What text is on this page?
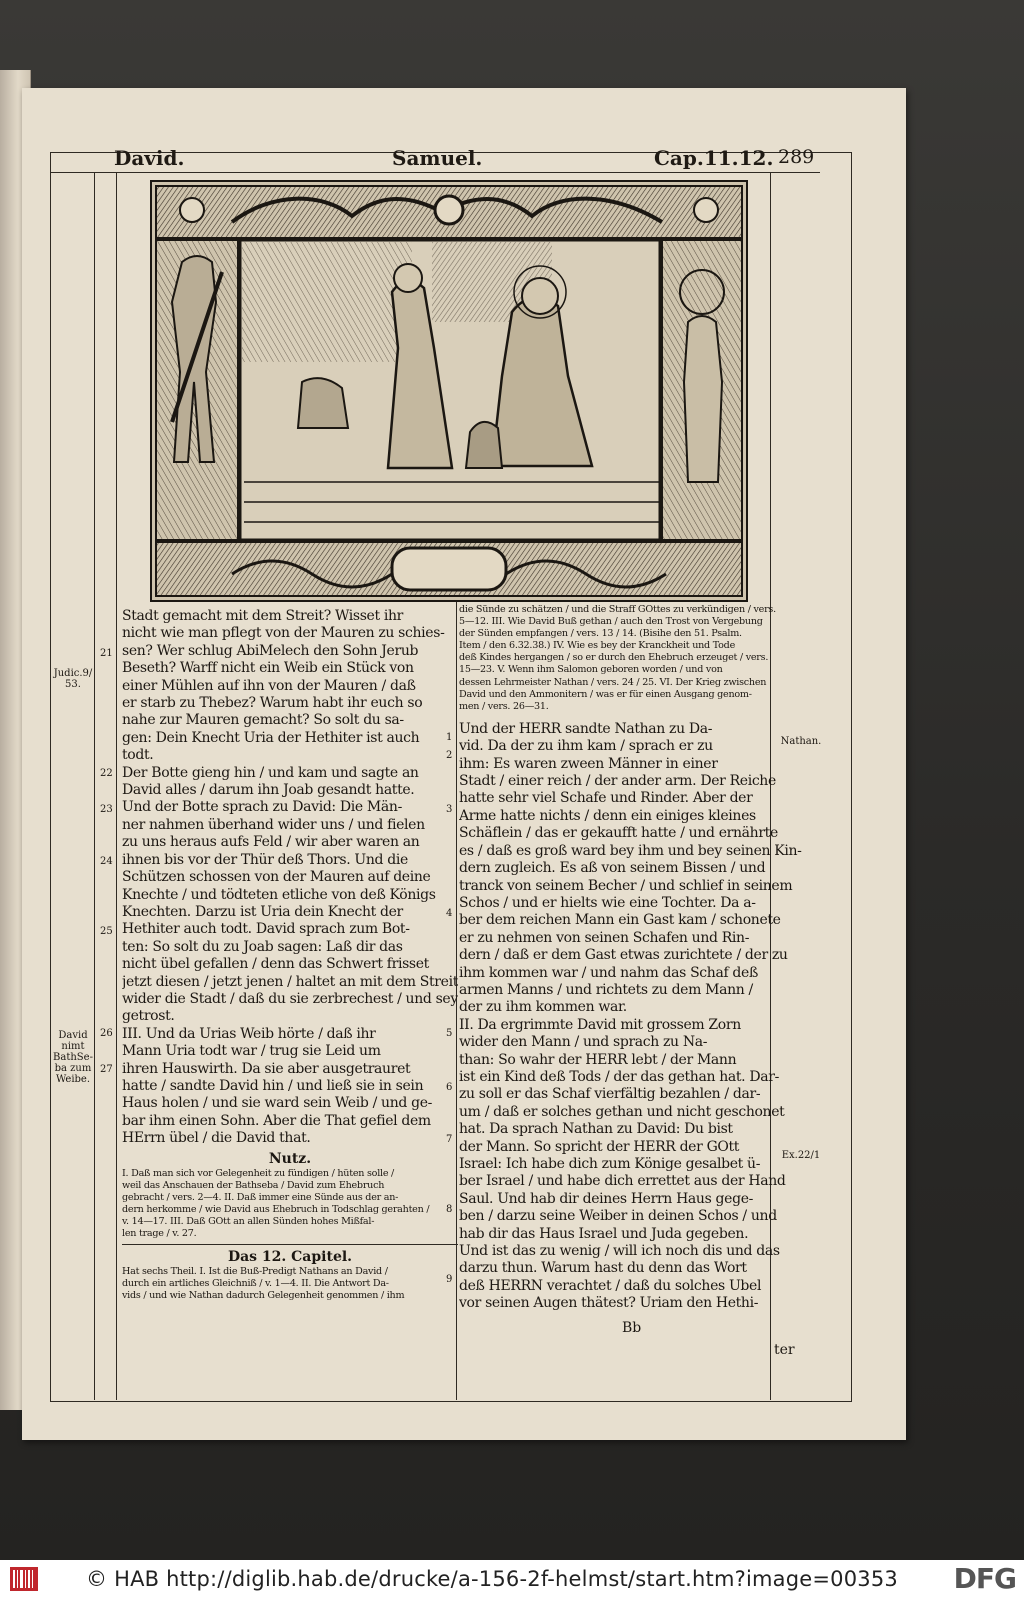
David.	Samuel.	Cap.11.12. 289
Stadt gemacht mit dem Streit? Wisset ihr
nicht wie man pflegt von der Mauren zu schies-
sen? Wer schlug AbiMelech den Sohn Jerub
Beseth? Warff nicht ein Weib ein Stück von
einer Mühlen auf ihn von der Mauren / daß
er starb zu Thebez? Warum habt ihr euch so
nahe zur Mauren gemacht? So solt du sa-
gen: Dein Knecht Uria der Hethiter ist auch
todt.
Der Botte gieng hin / und kam und sagte an
David alles / darum ihn Joab gesandt hatte.
Und der Botte sprach zu David: Die Män-
ner nahmen überhand wider uns / und fielen
zu uns heraus aufs Feld / wir aber waren an
ihnen bis vor der Thür deß Thors. Und die
Schützen schossen von der Mauren auf deine
Knechte / und tödteten etliche von deß Königs
Knechten. Darzu ist Uria dein Knecht der
Hethiter auch todt. David sprach zum Bot-
ten: So solt du zu Joab sagen: Laß dir das
nicht übel gefallen / denn das Schwert frisset
jetzt diesen / jetzt jenen / haltet an mit dem Streit
wider die Stadt / daß du sie zerbrechest / und sey
getrost.
III. Und da Urias Weib hörte / daß ihr
Mann Uria todt war / trug sie Leid um
ihren Hauswirth. Da sie aber ausgetrauret
hatte / sandte David hin / und ließ sie in sein
Haus holen / und sie ward sein Weib / und ge-
bar ihm einen Sohn. Aber die That gefiel dem
HErrn übel / die David that.
Nutz.
I. Daß man sich vor Gelegenheit zu fündigen / hüten solle /
weil das Anschauen der Bathseba / David zum Ehebruch
gebracht / vers. 2—4. II. Daß immer eine Sünde aus der an-
dern herkomme / wie David aus Ehebruch in Todschlag gerahten /
v. 14—17. III. Daß GOtt an allen Sünden hohes Mißfal-
len trage / v. 27.
Das 12. Capitel.
Hat sechs Theil. I. Ist die Buß-Predigt Nathans an David /
durch ein artliches Gleichniß / v. 1—4. II. Die Antwort Da-
vids / und wie Nathan dadurch Gelegenheit genommen / ihm
die Sünde zu schätzen / und die Straff GOttes zu verkündigen / vers.
5—12. III. Wie David Buß gethan / auch den Trost von Vergebung
der Sünden empfangen / vers. 13 / 14. (Bisihe den 51. Psalm.
Item / den 6.32.38.) IV. Wie es bey der Kranckheit und Tode
deß Kindes hergangen / so er durch den Ehebruch erzeuget / vers.
15—23. V. Wenn ihm Salomon geboren worden / und von
dessen Lehrmeister Nathan / vers. 24 / 25. VI. Der Krieg zwischen
David und den Ammonitern / was er für einen Ausgang genom-
men / vers. 26—31.
Und der HERR sandte Nathan zu Da-
vid. Da der zu ihm kam / sprach er zu
ihm: Es waren zween Männer in einer
Stadt / einer reich / der ander arm. Der Reiche
hatte sehr viel Schafe und Rinder. Aber der
Arme hatte nichts / denn ein einiges kleines
Schäflein / das er gekaufft hatte / und ernährte
es / daß es groß ward bey ihm und bey seinen Kin-
dern zugleich. Es aß von seinem Bissen / und
tranck von seinem Becher / und schlief in seinem
Schos / und er hielts wie eine Tochter. Da a-
ber dem reichen Mann ein Gast kam / schonete
er zu nehmen von seinen Schafen und Rin-
dern / daß er dem Gast etwas zurichtete / der zu
ihm kommen war / und nahm das Schaf deß
armen Manns / und richtets zu dem Mann /
der zu ihm kommen war.
II. Da ergrimmte David mit grossem Zorn
wider den Mann / und sprach zu Na-
than: So wahr der HERR lebt / der Mann
ist ein Kind deß Tods / der das gethan hat. Dar-
zu soll er das Schaf vierfältig bezahlen / dar-
um / daß er solches gethan und nicht geschonet
hat. Da sprach Nathan zu David: Du bist
der Mann. So spricht der HERR der GOtt
Israel: Ich habe dich zum Könige gesalbet ü-
ber Israel / und habe dich errettet aus der Hand
Saul. Und hab dir deines Herrn Haus gege-
ben / darzu seine Weiber in deinen Schos / und
hab dir das Haus Israel und Juda gegeben.
Und ist das zu wenig / will ich noch dis und das
darzu thun. Warum hast du denn das Wort
deß HERRN verachtet / daß du solches Ubel
vor seinen Augen thätest? Uriam den Hethi-
21
22
23
24
25
26
27
1
2
3
4
5
6
7
8
9
Judic.9/
53.
David
nimt
BathSe-
ba zum
Weibe.
Nathan.
Ex.22/1
Bb
ter
© HAB http://diglib.hab.de/drucke/a-156-2f-helmst/start.htm?image=00353 DFG
